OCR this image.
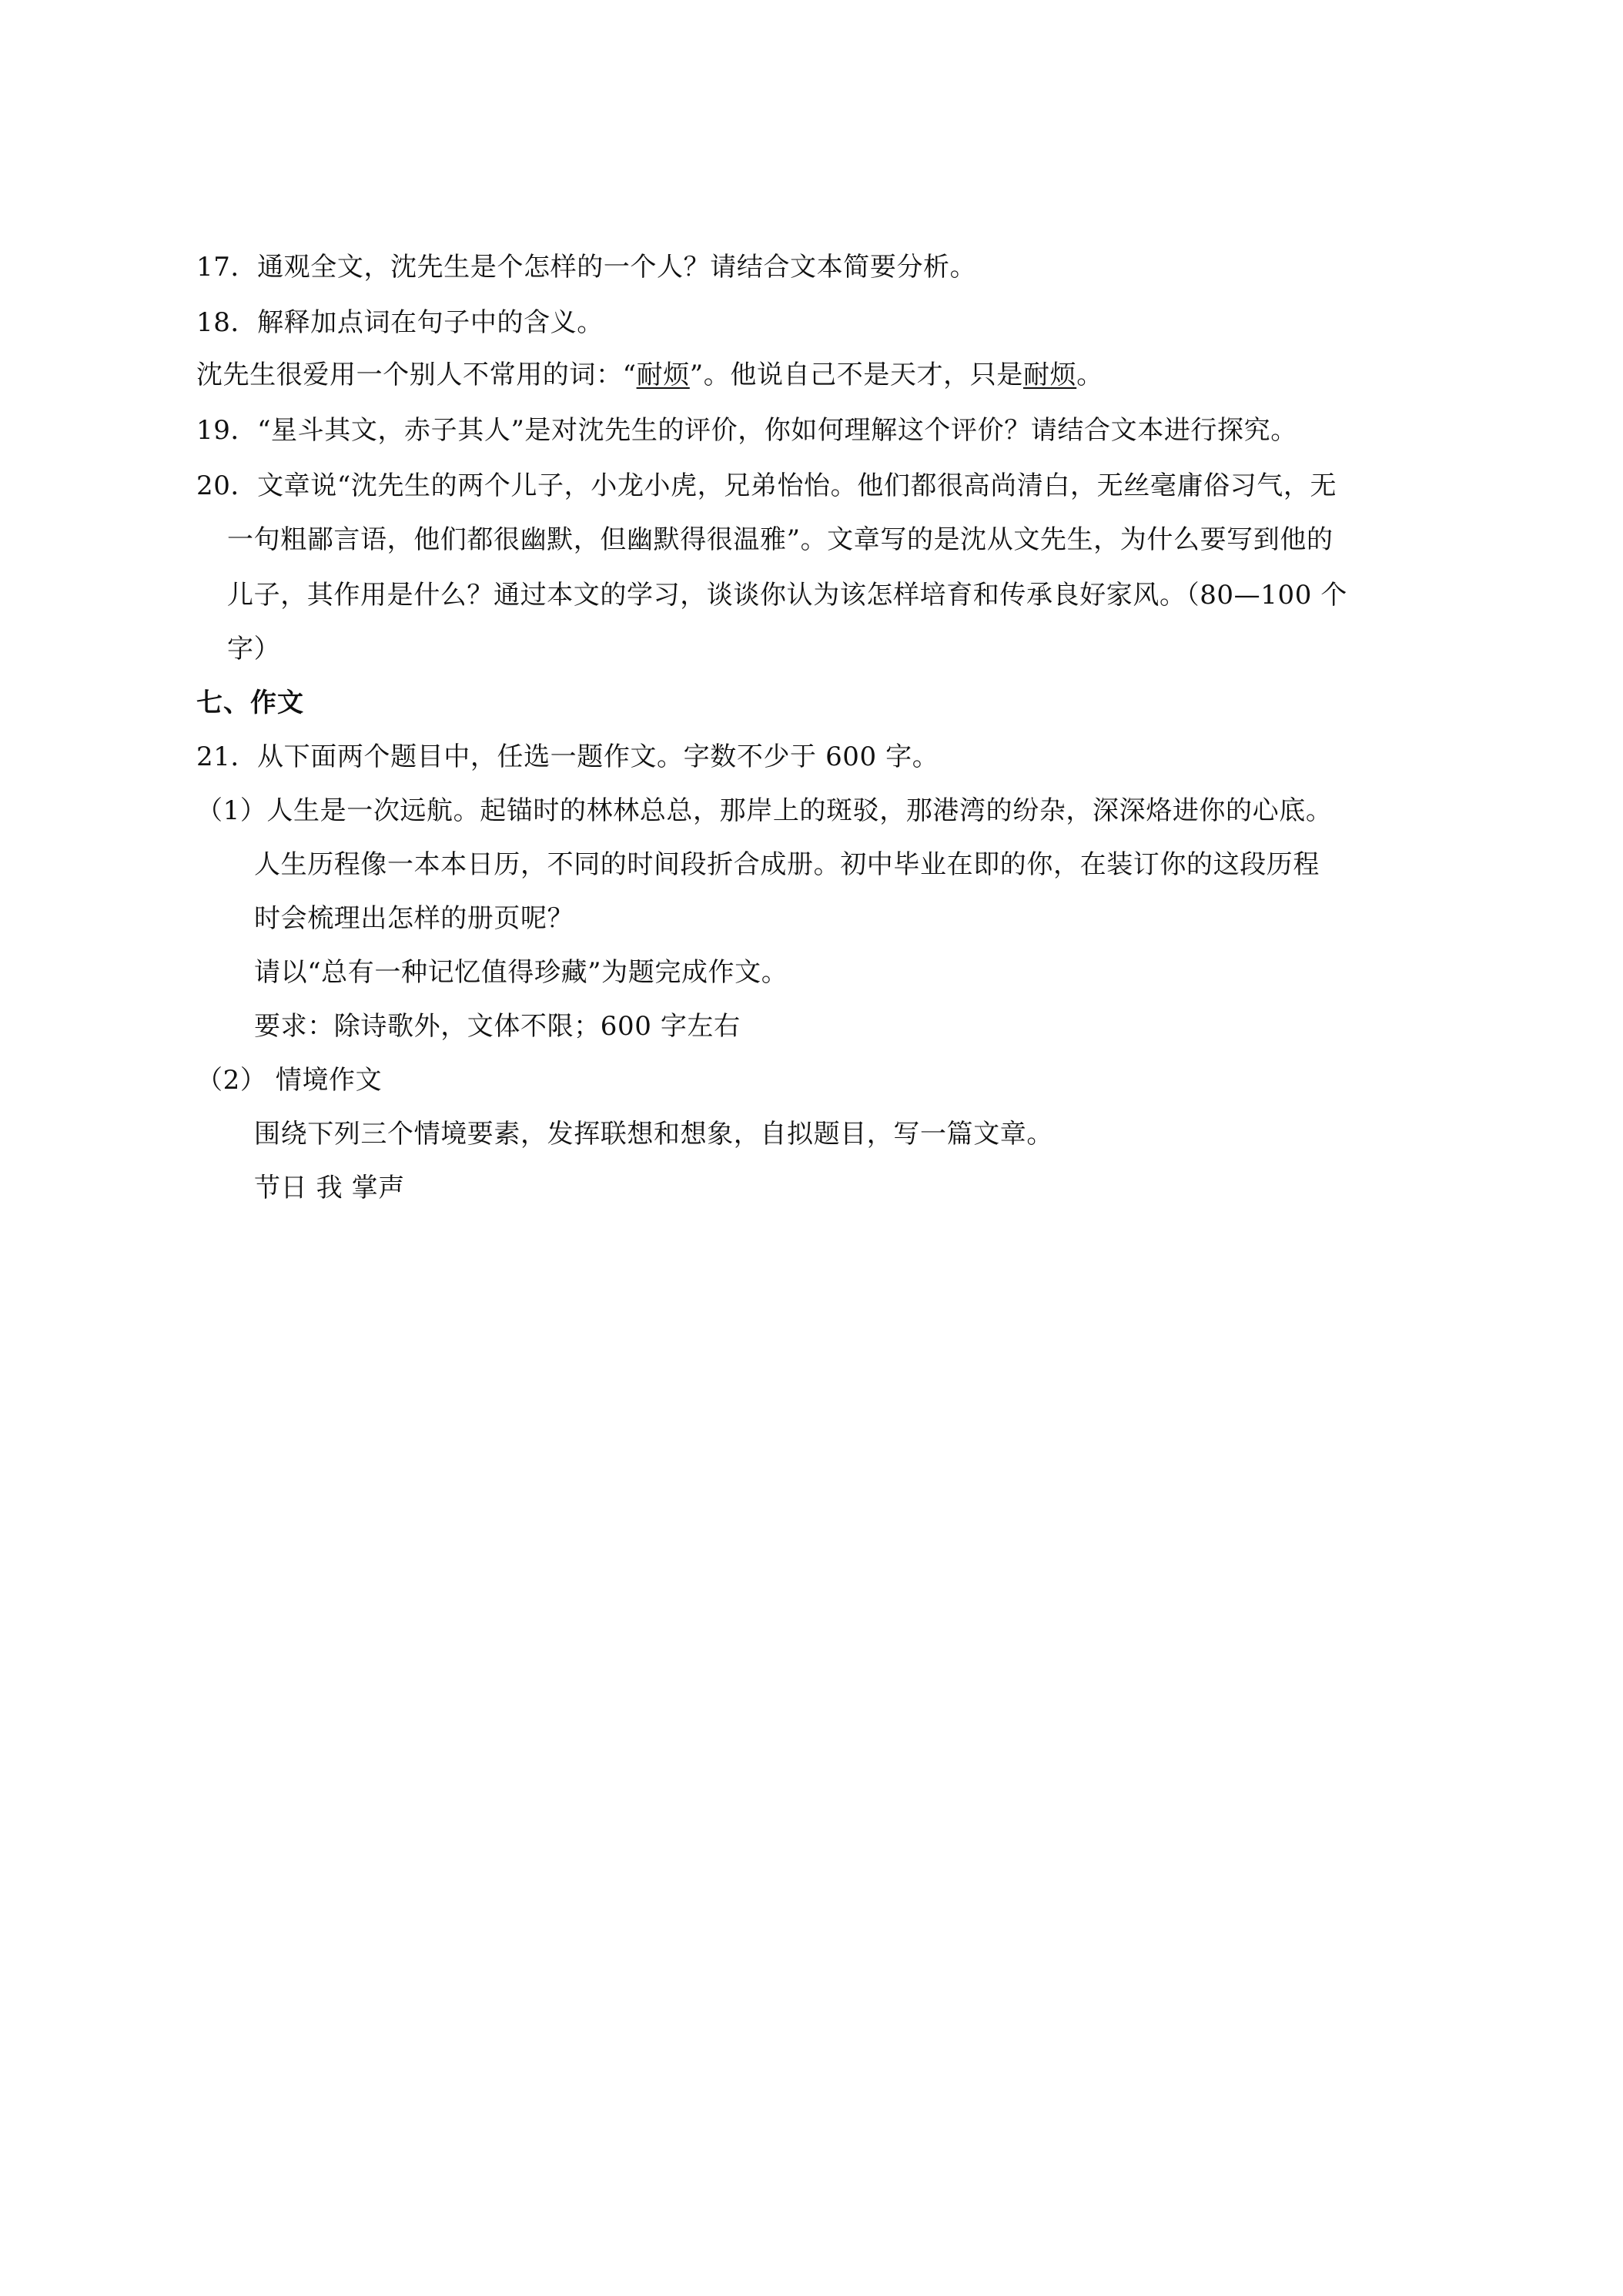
17．通观全文，沈先生是个怎样的一个人？请结合文本简要分析。
18．解释加点词在句子中的含义。
沈先生很爱用一个别人不常用的词：“耐烦”。他说自己不是天才，只是耐烦。
19．“星斗其文，赤子其人”是对沈先生的评价，你如何理解这个评价？请结合文本进行探究。
20．文章说“沈先生的两个儿子，小龙小虎，兄弟怡怡。他们都很高尚清白，无丝毫庸俗习气，无
一句粗鄙言语，他们都很幽默，但幽默得很温雅”。文章写的是沈从文先生，为什么要写到他的
儿子，其作用是什么？通过本文的学习，谈谈你认为该怎样培育和传承良好家风。（80—100 个
字）
七、作文
21．从下面两个题目中，任选一题作文。字数不少于 600 字。
（1）人生是一次远航。起锚时的林林总总，那岸上的斑驳，那港湾的纷杂，深深烙进你的心底。
人生历程像一本本日历，不同的时间段折合成册。初中毕业在即的你，在装订你的这段历程
时会梳理出怎样的册页呢？
请以“总有一种记忆值得珍藏”为题完成作文。
要求：除诗歌外，文体不限；600 字左右
（2） 情境作文
围绕下列三个情境要素，发挥联想和想象，自拟题目，写一篇文章。
节日 我 掌声
